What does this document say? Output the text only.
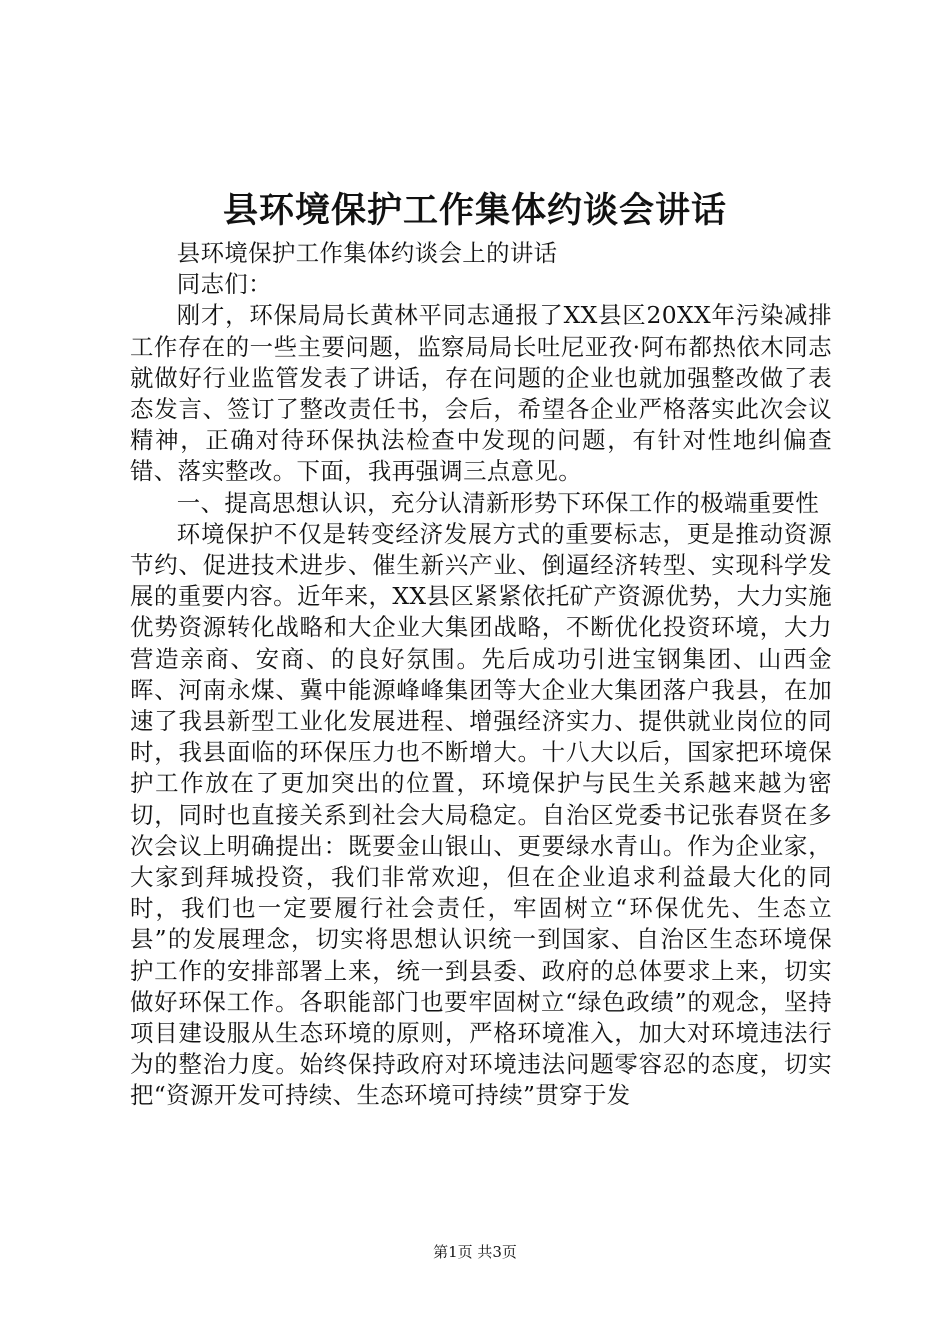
县环境保护工作集体约谈会讲话

县环境保护工作集体约谈会上的讲话

同志们：

刚才，环保局局长黄林平同志通报了XX县区20XX年污染减排工作存在的一些主要问题，监察局局长吐尼亚孜·阿布都热依木同志就做好行业监管发表了讲话，存在问题的企业也就加强整改做了表态发言、签订了整改责任书，会后，希望各企业严格落实此次会议精神，正确对待环保执法检查中发现的问题，有针对性地纠偏查错、落实整改。下面，我再强调三点意见。

一、提高思想认识，充分认清新形势下环保工作的极端重要性

环境保护不仅是转变经济发展方式的重要标志，更是推动资源节约、促进技术进步、催生新兴产业、倒逼经济转型、实现科学发展的重要内容。近年来，XX县区紧紧依托矿产资源优势，大力实施优势资源转化战略和大企业大集团战略，不断优化投资环境，大力营造亲商、安商、的良好氛围。先后成功引进宝钢集团、山西金晖、河南永煤、冀中能源峰峰集团等大企业大集团落户我县，在加速了我县新型工业化发展进程、增强经济实力、提供就业岗位的同时，我县面临的环保压力也不断增大。十八大以后，国家把环境保护工作放在了更加突出的位置，环境保护与民生关系越来越为密切，同时也直接关系到社会大局稳定。自治区党委书记张春贤在多次会议上明确提出：既要金山银山、更要绿水青山。作为企业家，大家到拜城投资，我们非常欢迎，但在企业追求利益最大化的同时，我们也一定要履行社会责任，牢固树立“环保优先、生态立县”的发展理念，切实将思想认识统一到国家、自治区生态环境保护工作的安排部署上来，统一到县委、政府的总体要求上来，切实做好环保工作。各职能部门也要牢固树立“绿色政绩”的观念，坚持项目建设服从生态环境的原则，严格环境准入，加大对环境违法行为的整治力度。始终保持政府对环境违法问题零容忍的态度，切实把“资源开发可持续、生态环境可持续”贯穿于发

第1页 共3页
